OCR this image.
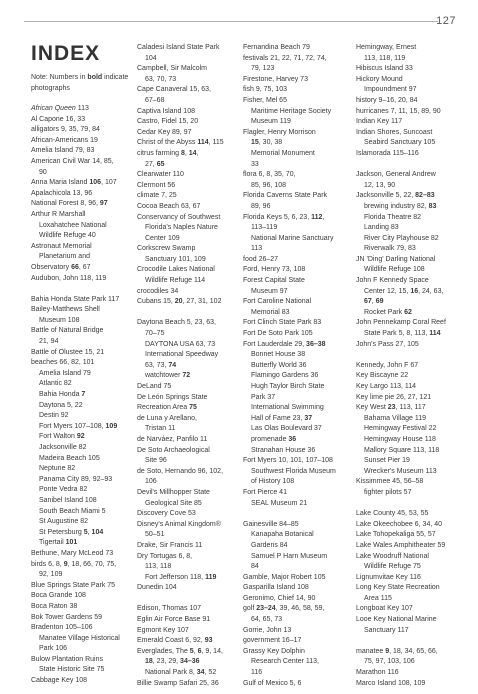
127
INDEX
Note: Numbers in bold indicate photographs
African Queen 113
Al Capone 16, 33
alligators 9, 35, 79, 84
African-Americans 19
Amelia Island 79, 83
American Civil War 14, 85,
90
Anna Maria Island 106, 107
Apalachicola 13, 96
National Forest 8, 96, 97
Arthur R Marshall
Loxahatchee National
Wildlife Refuge 40
Astronaut Memorial
Planetarium and
Observatory 66, 67
Audubon, John 118, 119
Bahia Honda State Park 117
Bailey-Matthews Shell
Museum 108
Battle of Natural Bridge
21, 94
Battle of Olustee 15, 21
beaches 66, 82, 101
Amelia Island 79
Atlantic 82
Bahia Honda 7
Daytona 5, 22
Destin 92
Fort Myers 107–108, 109
Fort Walton 92
Jacksonville 82
Madeira Beach 105
Neptune 82
Panama City 89, 92–93
Ponte Vedra 82
Sanibel Island 108
South Beach Miami 5
St Augustine 82
St Petersburg 5, 104
Tigertail 101
Bethune, Mary McLeod 73
birds 6, 8, 9, 18, 66, 70, 75,
92, 109
Blue Springs State Park 75
Boca Grande 108
Boca Raton 38
Bok Tower Gardens 59
Bradenton 105–106
Manatee Village Historical
Park 106
Bulow Plantation Ruins
State Historic Site 75
Cabbage Key 108
Caladesi Island State Park
104
Campbell, Sir Malcolm
63, 70, 73
Cape Canaveral 15, 63,
67–68
Captiva Island 108
Castro, Fidel 15, 20
Cedar Key 89, 97
Christ of the Abyss 114, 115
citrus farming 8, 14,
27, 65
Clearwater 110
Clermont 56
climate 7, 25
Cocoa Beach 63, 67
Conservancy of Southwest
Florida's Naples Nature
Center 109
Corkscrew Swamp
Sanctuary 101, 109
Crocodile Lakes National
Wildlife Refuge 114
crocodiles 34
Cubans 15, 20, 27, 31, 102
Daytona Beach 5, 23, 63,
70–75
DAYTONA USA 63, 73
International Speedway
63, 73, 74
watchtower 72
DeLand 75
De León Springs State
Recreation Area 75
de Luna y Arellano,
Tristan 11
de Narváez, Panfilo 11
De Soto Archaeological
Site 96
de Soto, Hernando 96, 102,
106
Devil's Millhopper State
Geological Site 85
Discovery Cove 53
Disney's Animal Kingdom®
50–51
Drake, Sir Francis 11
Dry Tortugas 6, 8,
113, 118
Fort Jefferson 118, 119
Dunedin 104
Edison, Thomas 107
Eglin Air Force Base 91
Egmont Key 107
Emerald Coast 6, 92, 93
Everglades, The 5, 6, 9, 14,
18, 23, 29, 34–36
National Park 8, 34, 52
Billie Swamp Safari 25, 36
Fernandina Beach 79
festivals 21, 22, 71, 72, 74,
79, 123
Firestone, Harvey 73
fish 9, 75, 103
Fisher, Mel 65
Maritime Heritage Society
Museum 119
Flagler, Henry Morrison
15, 30, 38
Memorial Monument
33
flora 6, 8, 35, 70,
85, 96, 108
Florida Caverns State Park
89, 96
Florida Keys 5, 6, 23, 112,
113–119
National Marine Sanctuary
113
food 26–27
Ford, Henry 73, 108
Forest Capital State
Museum 97
Fort Caroline National
Memorial 83
Fort Clinch State Park 83
Fort De Soto Park 105
Fort Lauderdale 29, 36–38
Bonnet House 38
Butterfly World 36
Flamingo Gardens 36
Hugh Taylor Birch State
Park 37
International Swimming
Hall of Fame 23, 37
Las Olas Boulevard 37
promenade 36
Stranahan House 36
Fort Myers 10, 101, 107–108
Southwest Florida Museum
of History 108
Fort Pierce 41
SEAL Museum 21
Gainesville 84–85
Kanapaha Botanical
Gardens 84
Samuel P Harn Museum
84
Gamble, Major Robert 105
Gasparilla Island 108
Geronimo, Chief 14, 90
golf 23–24, 39, 46, 58, 59,
64, 65, 73
Gorrie, John 13
government 16–17
Grassy Key Dolphin
Research Center 113,
116
Gulf of Mexico 5, 6
Hemingway, Ernest
113, 118, 119
Hibiscus Island 33
Hickory Mound
Impoundment 97
history 9–16, 20, 84
hurricanes 7, 11, 15, 89, 90
Indian Key 117
Indian Shores, Suncoast
Seabird Sanctuary 105
Islamorada 115–116
Jackson, General Andrew
12, 13, 90
Jacksonville 5, 22, 82–83
brewing industry 82, 83
Florida Theatre 82
Landing 83
River City Playhouse 82
Riverwalk 79, 83
JN 'Ding' Darling National
Wildlife Refuge 108
John F Kennedy Space
Center 12, 15, 16, 24, 63,
67, 69
Rocket Park 62
John Pennekamp Coral Reef
State Park 5, 8, 113, 114
John's Pass 27, 105
Kennedy, John F 67
Key Biscayne 22
Key Largo 113, 114
Key lime pie 26, 27, 121
Key West 23, 113, 117
Bahama Village 119
Hemingway Festival 22
Hemingway House 118
Mallory Square 113, 118
Sunset Pier 19
Wrecker's Museum 113
Kissimmee 45, 56–58
fighter pilots 57
Lake County 45, 53, 55
Lake Okeechobee 6, 34, 40
Lake Tohopekaliga 55, 57
Lake Wales Amphitheater 59
Lake Woodruff National
Wildlife Refuge 75
Lignumvitae Key 116
Long Key State Recreation
Area 115
Longboat Key 107
Looe Key National Marine
Sanctuary 117
manatee 9, 18, 34, 65, 66,
75, 97, 103, 106
Marathon 116
Marco Island 108, 109
